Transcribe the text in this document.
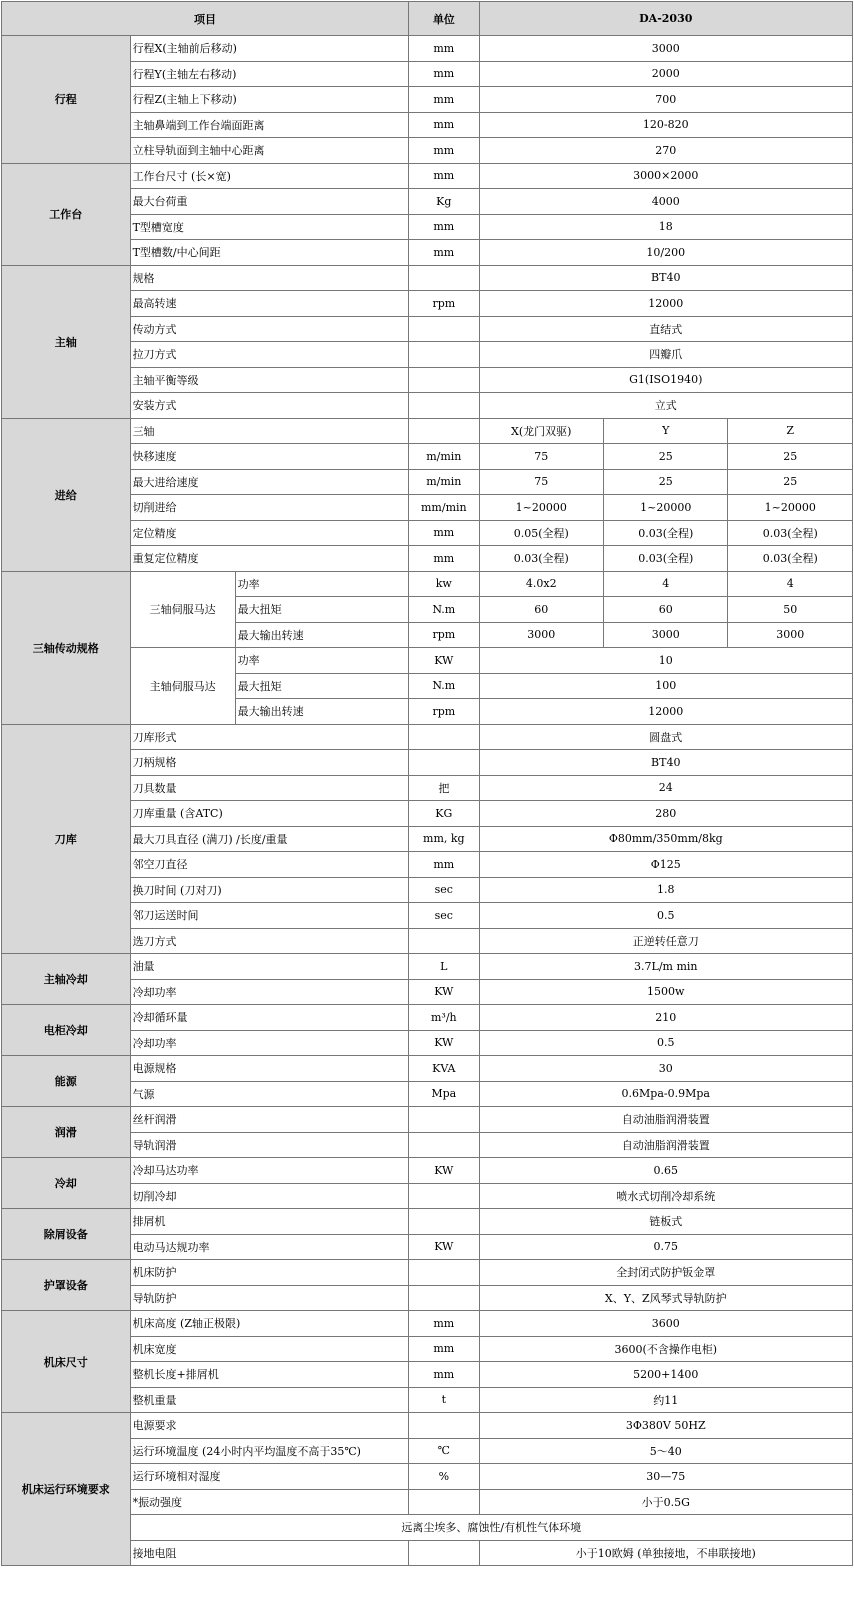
项目			单位	DA-2030		
行程	行程X(主轴前后移动)		mm	3000		
	行程Y(主轴左右移动)		mm	2000		
	行程Z(主轴上下移动)		mm	700		
	主轴鼻端到工作台端面距离		mm	120-820		
	立柱导轨面到主轴中心距离		mm	270		
工作台	工作台尺寸 (长×宽)		mm	3000×2000		
	最大台荷重		Kg	4000		
	T型槽宽度		mm	18		
	T型槽数/中心间距		mm	10/200		
主轴	规格			BT40		
	最高转速		rpm	12000		
	传动方式			直结式		
	拉刀方式			四瓣爪		
	主轴平衡等级			G1(ISO1940)		
	安装方式			立式		
进给	三轴			X(龙门双驱)	Y	Z
	快移速度		m/min	75	25	25
	最大进给速度		m/min	75	25	25
	切削进给		mm/min	1~20000	1~20000	1~20000
	定位精度		mm	0.05(全程)	0.03(全程)	0.03(全程)
	重复定位精度		mm	0.03(全程)	0.03(全程)	0.03(全程)
三轴传动规格	三轴伺服马达	功率	kw	4.0x2	4	4
		最大扭矩	N.m	60	60	50
		最大输出转速	rpm	3000	3000	3000
	主轴伺服马达	功率	KW	10		
		最大扭矩	N.m	100		
		最大输出转速	rpm	12000		
刀库	刀库形式			圆盘式		
	刀柄规格			BT40		
	刀具数量		把	24		
	刀库重量 (含ATC)		KG	280		
	最大刀具直径 (满刀) /长度/重量		mm, kg	Φ80mm/350mm/8kg		
	邻空刀直径		mm	Φ125		
	换刀时间 (刀对刀)		sec	1.8		
	邻刀运送时间		sec	0.5		
	选刀方式			正逆转任意刀		
主轴冷却	油量		L	3.7L/m min		
	冷却功率		KW	1500w		
电柜冷却	冷却循环量		m³/h	210		
	冷却功率		KW	0.5		
能源	电源规格		KVA	30		
	气源		Mpa	0.6Mpa-0.9Mpa		
润滑	丝杆润滑			自动油脂润滑装置		
	导轨润滑			自动油脂润滑装置		
冷却	冷却马达功率		KW	0.65		
	切削冷却			喷水式切削冷却系统		
除屑设备	排屑机			链板式		
	电动马达规功率		KW	0.75		
护罩设备	机床防护			全封闭式防护钣金罩		
	导轨防护			X、Y、Z风琴式导轨防护		
机床尺寸	机床高度 (Z轴正极限)		mm	3600		
	机床宽度		mm	3600(不含操作电柜)		
	整机长度+排屑机		mm	5200+1400		
	整机重量		t	约11		
机床运行环境要求	电源要求			3Φ380V 50HZ		
	运行环境温度 (24小时内平均温度不高于35℃)		℃	5～40		
	运行环境相对湿度		%	30—75		
	*振动强度			小于0.5G		
	远离尘埃多、腐蚀性/有机性气体环境					
	接地电阻			小于10欧姆 (单独接地，不串联接地)		
